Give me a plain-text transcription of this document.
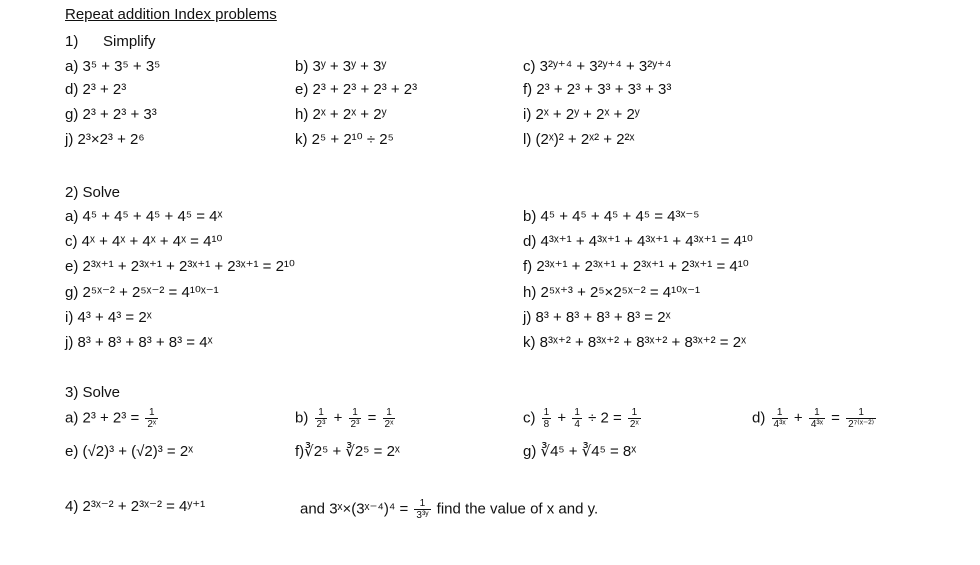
Repeat addition Index problems
1) Simplify
a) 3⁵ + 3⁵ + 3⁵	b) 3ʸ + 3ʸ + 3ʸ	c) 3²ʸ⁺⁴ + 3²ʸ⁺⁴ + 3²ʸ⁺⁴
d) 2³ + 2³	e) 2³ + 2³ + 2³ + 2³	f) 2³ + 2³ + 3³ + 3³ + 3³
g) 2³ + 2³ + 3³	h) 2ˣ + 2ˣ + 2ʸ	i) 2ˣ + 2ʸ + 2ˣ + 2ʸ
j) 2³×2³ + 2⁶	k) 2⁵ + 2¹⁰ ÷ 2⁵	l) (2ˣ)² + 2ˣ² + 2²ˣ
2) Solve
a) 4⁵ + 4⁵ + 4⁵ + 4⁵ = 4ˣ	b) 4⁵ + 4⁵ + 4⁵ + 4⁵ = 4³ˣ⁻⁵
c) 4ˣ + 4ˣ + 4ˣ + 4ˣ = 4¹⁰	d) 4³ˣ⁺¹ + 4³ˣ⁺¹ + 4³ˣ⁺¹ + 4³ˣ⁺¹ = 4¹⁰
e) 2³ˣ⁺¹ + 2³ˣ⁺¹ + 2³ˣ⁺¹ + 2³ˣ⁺¹ = 2¹⁰	f) 2³ˣ⁺¹ + 2³ˣ⁺¹ + 2³ˣ⁺¹ + 2³ˣ⁺¹ = 4¹⁰
g) 2⁵ˣ⁻² + 2⁵ˣ⁻² = 4¹⁰ˣ⁻¹	h) 2⁵ˣ⁺³ + 2⁵×2⁵ˣ⁻² = 4¹⁰ˣ⁻¹
i) 4³ + 4³ = 2ˣ	j) 8³ + 8³ + 8³ + 8³ = 2ˣ
j) 8³ + 8³ + 8³ + 8³ = 4ˣ	k) 8³ˣ⁺² + 8³ˣ⁺² + 8³ˣ⁺² + 8³ˣ⁺² = 2ˣ
3) Solve
a) $2^3 + 2^3 = \frac{1}{\text{2ˣ}}$	$b) \frac{1}{\text{2³}} + \frac{1}{\text{2³}} = \frac{1}{\text{2ˣ}}$	$c) \frac{1}{8} + \frac{1}{4} \div 2 = \frac{1}{\text{2ˣ}}$	$d) \frac{1}{\text{4³ˣ}} + \frac{1}{\text{4³ˣ}} = \frac{1}{\text{2⁷⁽ˣ⁻²⁾}}$
e) (√2)³ + (√2)³ = 2ˣ	f)∛2⁵ + ∛2⁵ = 2ˣ	g) ∛4⁵ + ∛4⁵ = 8ˣ
4) 2³ˣ⁻² + 2³ˣ⁻² = 4ʸ⁺¹	and 3ˣ×(3ˣ⁻⁴)⁴ = $\frac{1}{\text{3³ʸ}}$ find the value of x and y.
